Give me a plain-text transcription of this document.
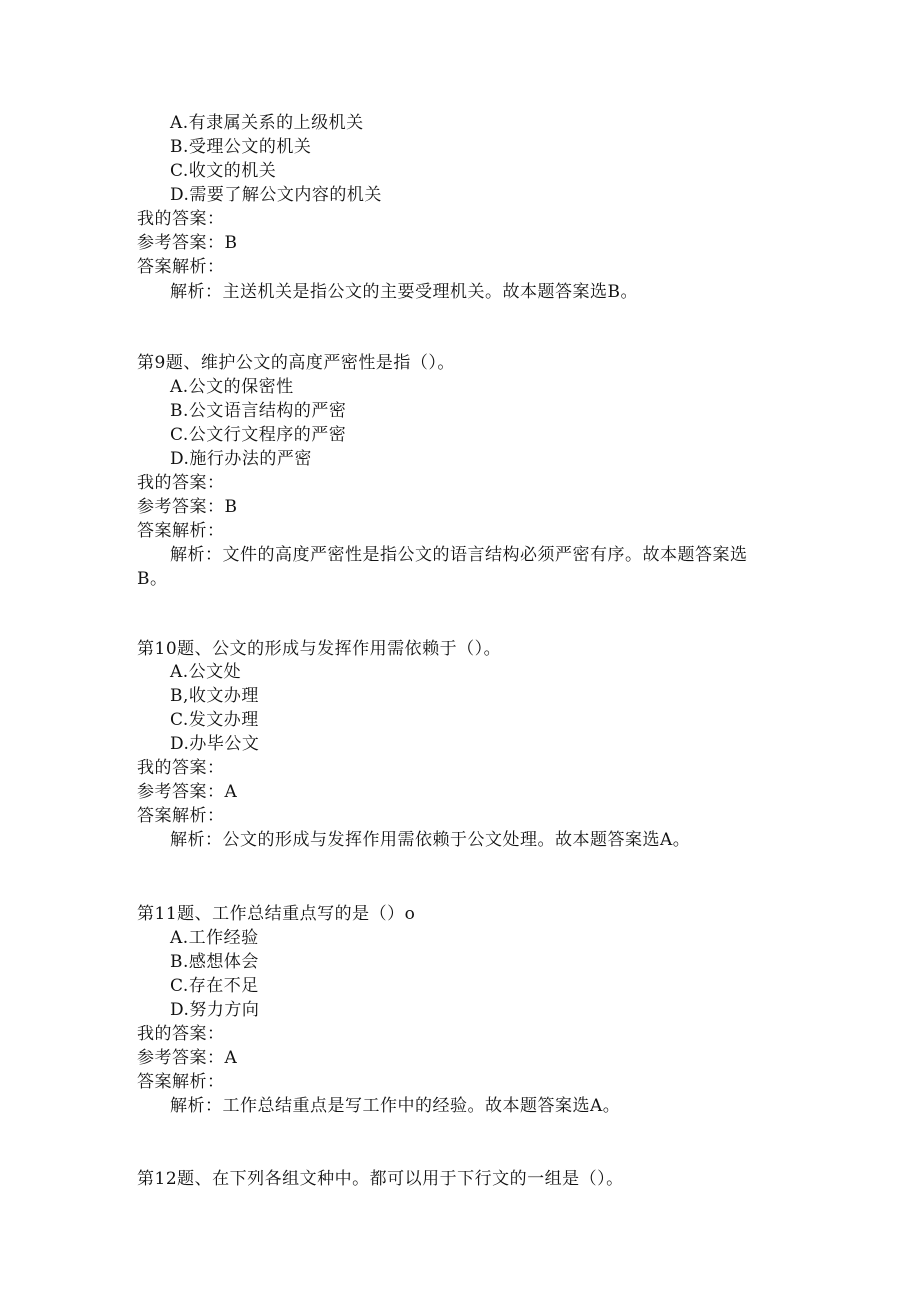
A.有隶属关系的上级机关
B.受理公文的机关
C.收文的机关
D.需要了解公文内容的机关
我的答案：
参考答案：B
答案解析：
解析：主送机关是指公文的主要受理机关。故本题答案选B。
第9题、维护公文的高度严密性是指（）。
A.公文的保密性
B.公文语言结构的严密
C.公文行文程序的严密
D.施行办法的严密
我的答案：
参考答案：B
答案解析：
解析：文件的高度严密性是指公文的语言结构必须严密有序。故本题答案选
B。
第10题、公文的形成与发挥作用需依赖于（）。
A.公文处
B,收文办理
C.发文办理
D.办毕公文
我的答案：
参考答案：A
答案解析：
解析：公文的形成与发挥作用需依赖于公文处理。故本题答案选A。
第11题、工作总结重点写的是（）o
A.工作经验
B.感想体会
C.存在不足
D.努力方向
我的答案：
参考答案：A
答案解析：
解析：工作总结重点是写工作中的经验。故本题答案选A。
第12题、在下列各组文种中。都可以用于下行文的一组是（）。
